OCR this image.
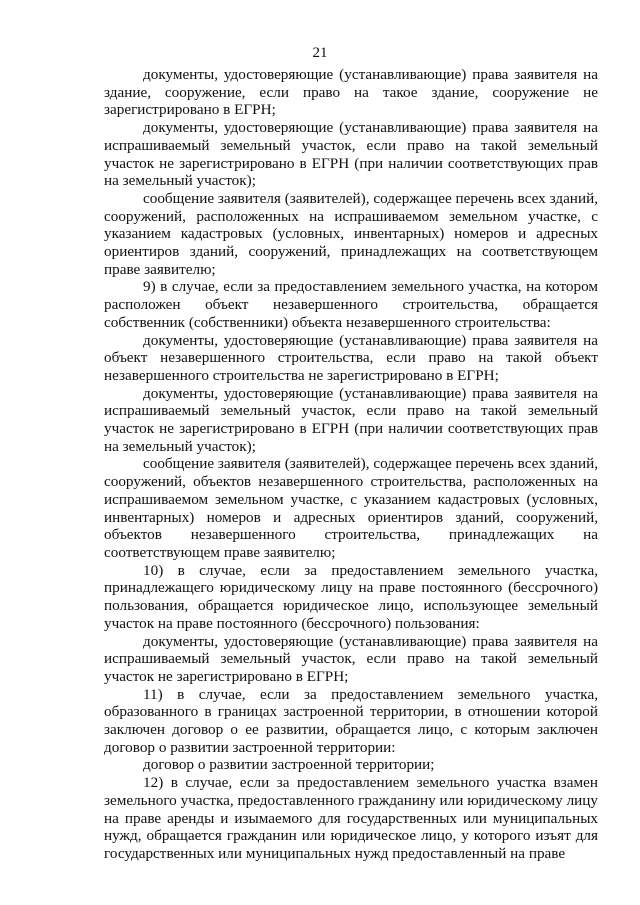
21

документы, удостоверяющие (устанавливающие) права заявителя на здание, сооружение, если право на такое здание, сооружение не зарегистрировано в ЕГРН;

документы, удостоверяющие (устанавливающие) права заявителя на испрашиваемый земельный участок, если право на такой земельный участок не зарегистрировано в ЕГРН (при наличии соответствующих прав на земельный участок);

сообщение заявителя (заявителей), содержащее перечень всех зданий, сооружений, расположенных на испрашиваемом земельном участке, с указанием кадастровых (условных, инвентарных) номеров и адресных ориентиров зданий, сооружений, принадлежащих на соответствующем праве заявителю;

9) в случае, если за предоставлением земельного участка, на котором расположен объект незавершенного строительства, обращается собственник (собственники) объекта незавершенного строительства:

документы, удостоверяющие (устанавливающие) права заявителя на объект незавершенного строительства, если право на такой объект незавершенного строительства не зарегистрировано в ЕГРН;

документы, удостоверяющие (устанавливающие) права заявителя на испрашиваемый земельный участок, если право на такой земельный участок не зарегистрировано в ЕГРН (при наличии соответствующих прав на земельный участок);

сообщение заявителя (заявителей), содержащее перечень всех зданий, сооружений, объектов незавершенного строительства, расположенных на испрашиваемом земельном участке, с указанием кадастровых (условных, инвентарных) номеров и адресных ориентиров зданий, сооружений, объектов незавершенного строительства, принадлежащих на соответствующем праве заявителю;

10) в случае, если за предоставлением земельного участка, принадлежащего юридическому лицу на праве постоянного (бессрочного) пользования, обращается юридическое лицо, использующее земельный участок на праве постоянного (бессрочного) пользования:

документы, удостоверяющие (устанавливающие) права заявителя на испрашиваемый земельный участок, если право на такой земельный участок не зарегистрировано в ЕГРН;

11) в случае, если за предоставлением земельного участка, образованного в границах застроенной территории, в отношении которой заключен договор о ее развитии, обращается лицо, с которым заключен договор о развитии застроенной территории:

договор о развитии застроенной территории;

12) в случае, если за предоставлением земельного участка взамен земельного участка, предоставленного гражданину или юридическому лицу на праве аренды и изымаемого для государственных или муниципальных нужд, обращается гражданин или юридическое лицо, у которого изъят для государственных или муниципальных нужд предоставленный на праве
